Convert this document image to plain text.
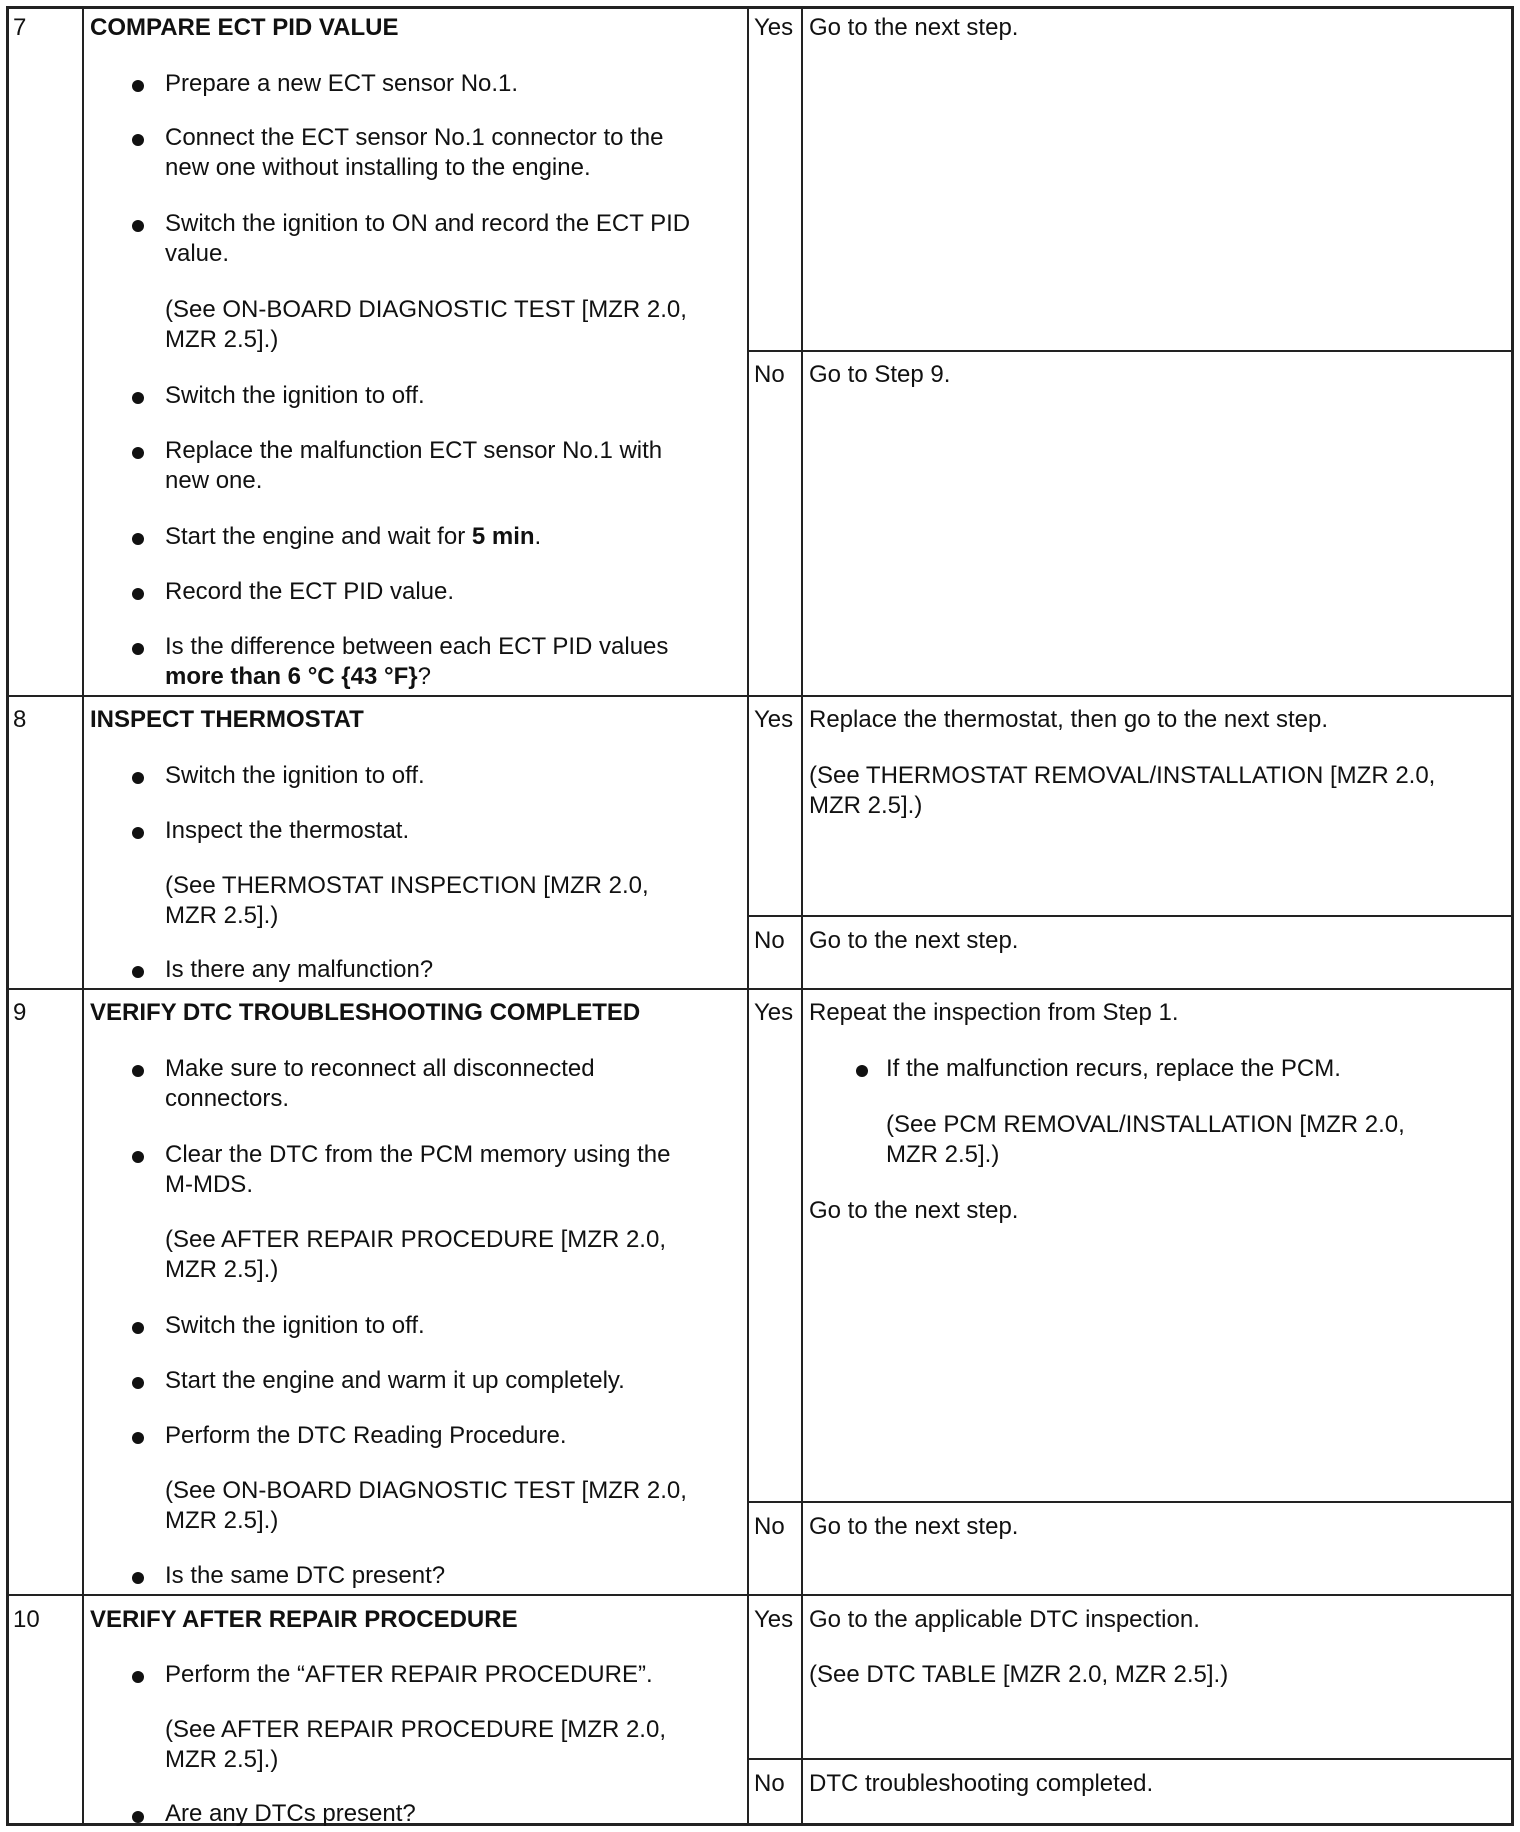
7	COMPARE ECT PID VALUE
Prepare a new ECT sensor No.1.
Connect the ECT sensor No.1 connector to the
new one without installing to the engine.
Switch the ignition to ON and record the ECT PID
value.
(See ON-BOARD DIAGNOSTIC TEST [MZR 2.0,
MZR 2.5].)
Switch the ignition to off.
Replace the malfunction ECT sensor No.1 with
new one.
Start the engine and wait for 5 min.
Record the ECT PID value.
Is the difference between each ECT PID values
more than 6 °C {43 °F}?
Yes Go to the next step.
No Go to Step 9.
8	INSPECT THERMOSTAT
Switch the ignition to off.
Inspect the thermostat.
(See THERMOSTAT INSPECTION [MZR 2.0,
MZR 2.5].)
Is there any malfunction?
Yes Replace the thermostat, then go to the next step.
(See THERMOSTAT REMOVAL/INSTALLATION [MZR 2.0,
MZR 2.5].)
No Go to the next step.
9	VERIFY DTC TROUBLESHOOTING COMPLETED
Make sure to reconnect all disconnected
connectors.
Clear the DTC from the PCM memory using the
M-MDS.
(See AFTER REPAIR PROCEDURE [MZR 2.0,
MZR 2.5].)
Switch the ignition to off.
Start the engine and warm it up completely.
Perform the DTC Reading Procedure.
(See ON-BOARD DIAGNOSTIC TEST [MZR 2.0,
MZR 2.5].)
Is the same DTC present?
Yes Repeat the inspection from Step 1.
If the malfunction recurs, replace the PCM.
(See PCM REMOVAL/INSTALLATION [MZR 2.0,
MZR 2.5].)
Go to the next step.
No Go to the next step.
10 VERIFY AFTER REPAIR PROCEDURE
Perform the “AFTER REPAIR PROCEDURE”.
(See AFTER REPAIR PROCEDURE [MZR 2.0,
MZR 2.5].)
Are any DTCs present?
Yes Go to the applicable DTC inspection.
(See DTC TABLE [MZR 2.0, MZR 2.5].)
No DTC troubleshooting completed.
